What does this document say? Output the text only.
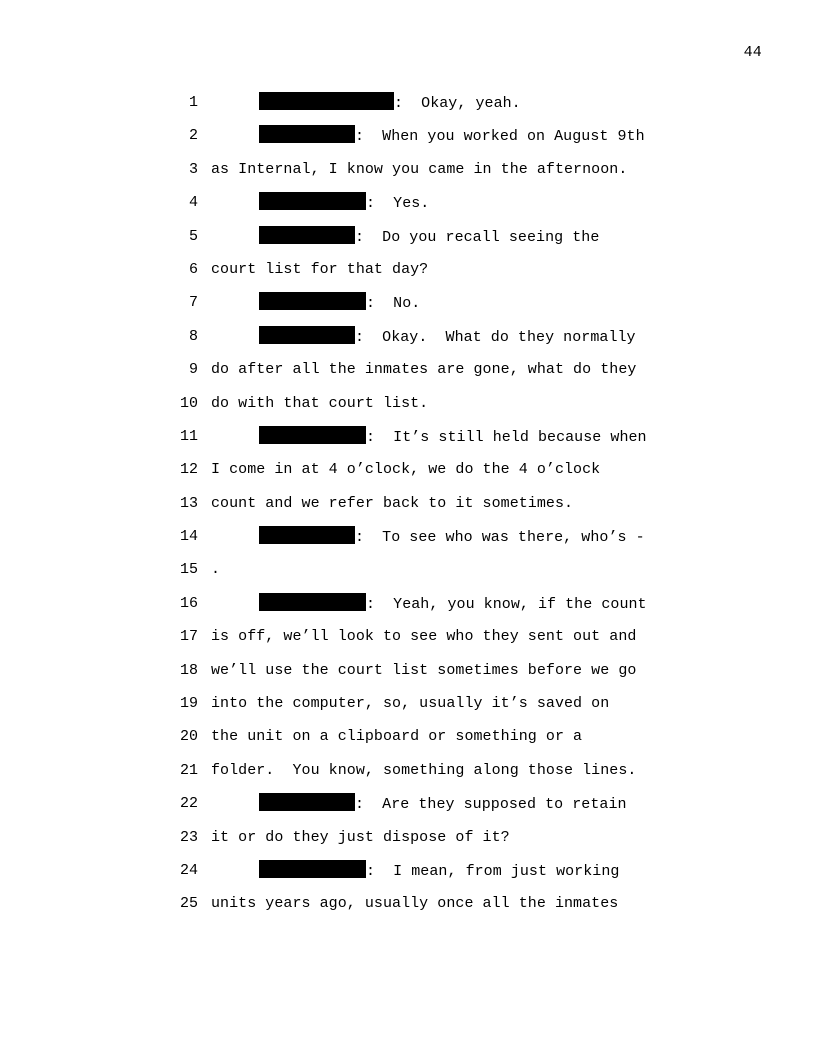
44
1	:  Okay, yeah.
2	:  When you worked on August 9th
3 as Internal, I know you came in the afternoon.
4	:  Yes.
5	:  Do you recall seeing the
6 court list for that day?
7	:  No.
8	:  Okay.  What do they normally
9 do after all the inmates are gone, what do they
10 do with that court list.
11	:  It’s still held because when
12 I come in at 4 o’clock, we do the 4 o’clock
13 count and we refer back to it sometimes.
14	:  To see who was there, who’s -
15 .
16	:  Yeah, you know, if the count
17 is off, we’ll look to see who they sent out and
18 we’ll use the court list sometimes before we go
19 into the computer, so, usually it’s saved on
20 the unit on a clipboard or something or a
21 folder.  You know, something along those lines.
22	:  Are they supposed to retain
23 it or do they just dispose of it?
24	:  I mean, from just working
25 units years ago, usually once all the inmates
